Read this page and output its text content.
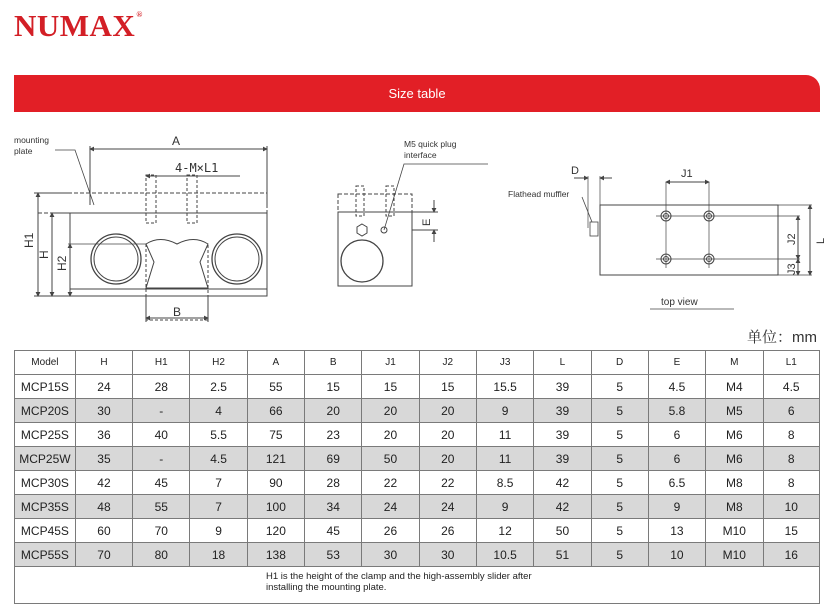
NUMAX®
Size table
mounting
plate
A
4-M×L1
H1
H
H2
B
M5 quick plug
interface
E
D	J1
Flathead muffler
J2 L
J3
top view
单位：mm
Model	H	H1	H2	A	B	J1	J2	J3	L	D	E	M	L1
MCP15S	24	28	2.5	55	15	15	15	15.5	39	5	4.5	M4	4.5
MCP20S	30	-	4	66	20	20	20	9	39	5	5.8	M5	6
MCP25S	36	40	5.5	75	23	20	20	11	39	5	6	M6	8
MCP25W	35	-	4.5	121	69	50	20	11	39	5	6	M6	8
MCP30S	42	45	7	90	28	22	22	8.5	42	5	6.5	M8	8
MCP35S	48	55	7	100	34	24	24	9	42	5	9	M8	10
MCP45S	60	70	9	120	45	26	26	12	50	5	13	M10	15
MCP55S	70	80	18	138	53	30	30	10.5	51	5	10	M10	16
H1 is the height of the clamp and the high-assembly slider after
installing the mounting plate.													
